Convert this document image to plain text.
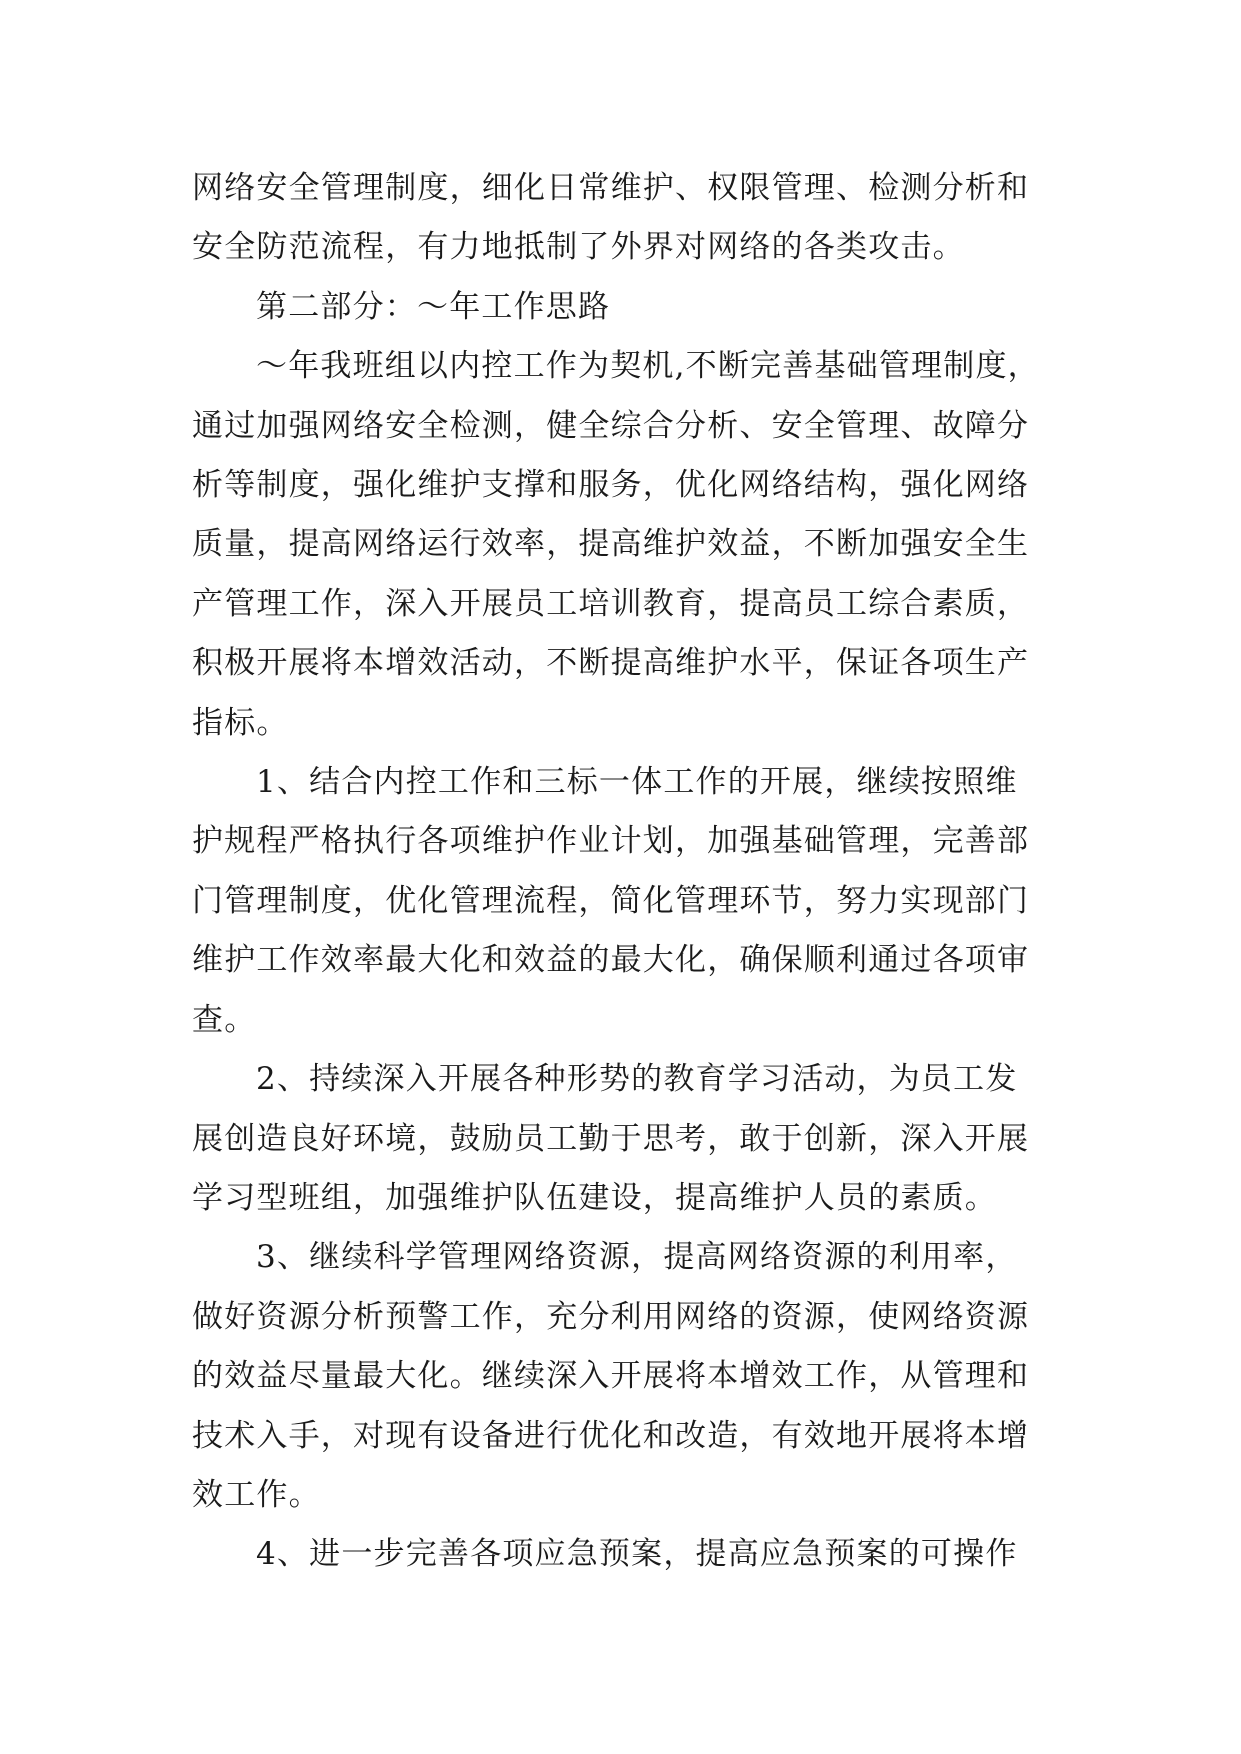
网络安全管理制度，细化日常维护、权限管理、检测分析和
安全防范流程，有力地抵制了外界对网络的各类攻击。

第二部分：～年工作思路

～年我班组以内控工作为契机,不断完善基础管理制度，
通过加强网络安全检测，健全综合分析、安全管理、故障分
析等制度，强化维护支撑和服务，优化网络结构，强化网络
质量，提高网络运行效率，提高维护效益，不断加强安全生
产管理工作，深入开展员工培训教育，提高员工综合素质，
积极开展将本增效活动，不断提高维护水平，保证各项生产
指标。

1、结合内控工作和三标一体工作的开展，继续按照维
护规程严格执行各项维护作业计划，加强基础管理，完善部
门管理制度，优化管理流程，简化管理环节，努力实现部门
维护工作效率最大化和效益的最大化，确保顺利通过各项审
查。

2、持续深入开展各种形势的教育学习活动，为员工发
展创造良好环境，鼓励员工勤于思考，敢于创新，深入开展
学习型班组，加强维护队伍建设，提高维护人员的素质。

3、继续科学管理网络资源，提高网络资源的利用率，
做好资源分析预警工作，充分利用网络的资源，使网络资源
的效益尽量最大化。继续深入开展将本增效工作，从管理和
技术入手，对现有设备进行优化和改造，有效地开展将本增
效工作。

4、进一步完善各项应急预案，提高应急预案的可操作
